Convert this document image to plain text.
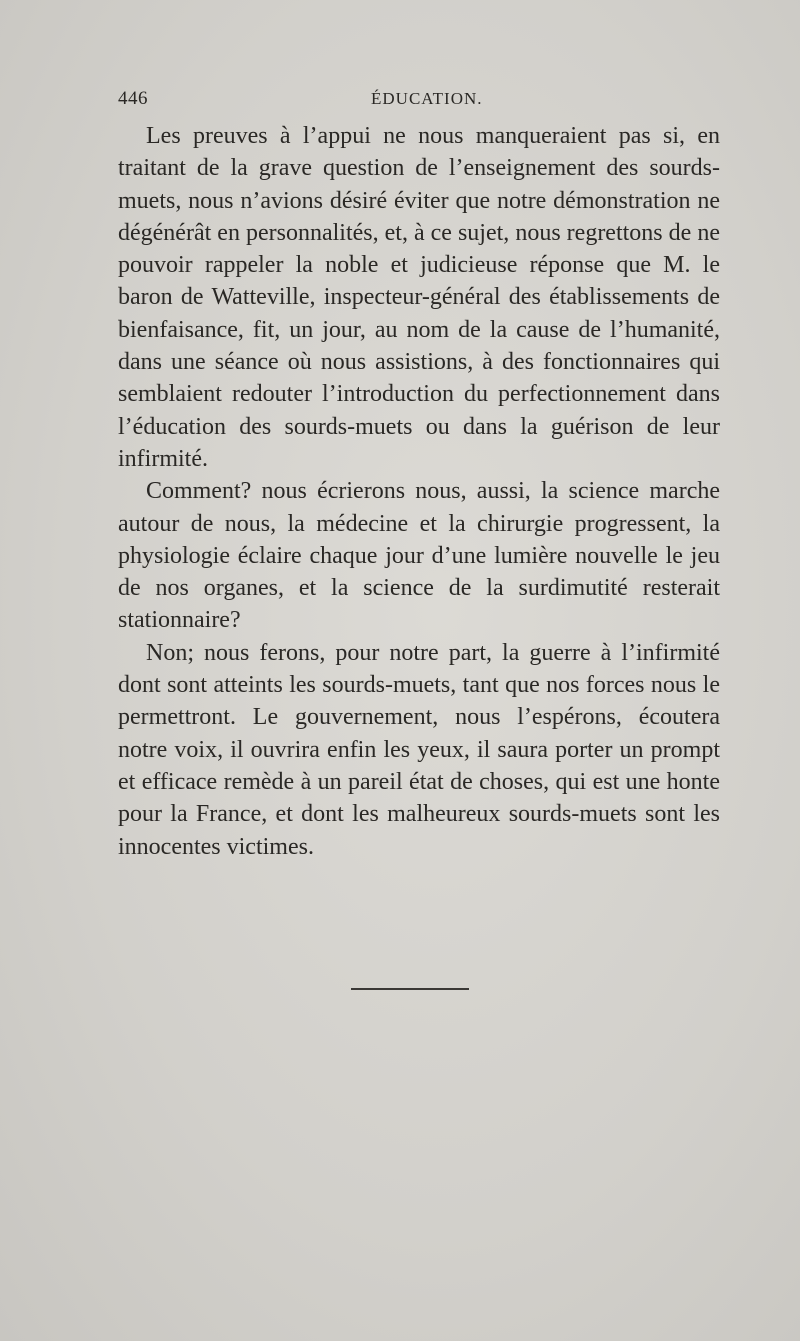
446	ÉDUCATION.

Les preuves à l’appui ne nous manqueraient pas si, en traitant de la grave question de l’enseignement des sourds-muets, nous n’avions désiré éviter que notre démonstration ne dégénérât en personnalités, et, à ce sujet, nous regrettons de ne pouvoir rappeler la noble et judicieuse réponse que M. le baron de Watteville, inspecteur-général des établissements de bienfaisance, fit, un jour, au nom de la cause de l’humanité, dans une séance où nous assistions, à des fonctionnaires qui semblaient redouter l’introduction du perfectionnement dans l’éducation des sourds-muets ou dans la guérison de leur infirmité.

Comment? nous écrierons nous, aussi, la science marche autour de nous, la médecine et la chirurgie progressent, la physiologie éclaire chaque jour d’une lumière nouvelle le jeu de nos organes, et la science de la surdimutité resterait stationnaire?

Non; nous ferons, pour notre part, la guerre à l’infirmité dont sont atteints les sourds-muets, tant que nos forces nous le permettront. Le gouvernement, nous l’espérons, écoutera notre voix, il ouvrira enfin les yeux, il saura porter un prompt et efficace remède à un pareil état de choses, qui est une honte pour la France, et dont les malheureux sourds-muets sont les innocentes victimes.
